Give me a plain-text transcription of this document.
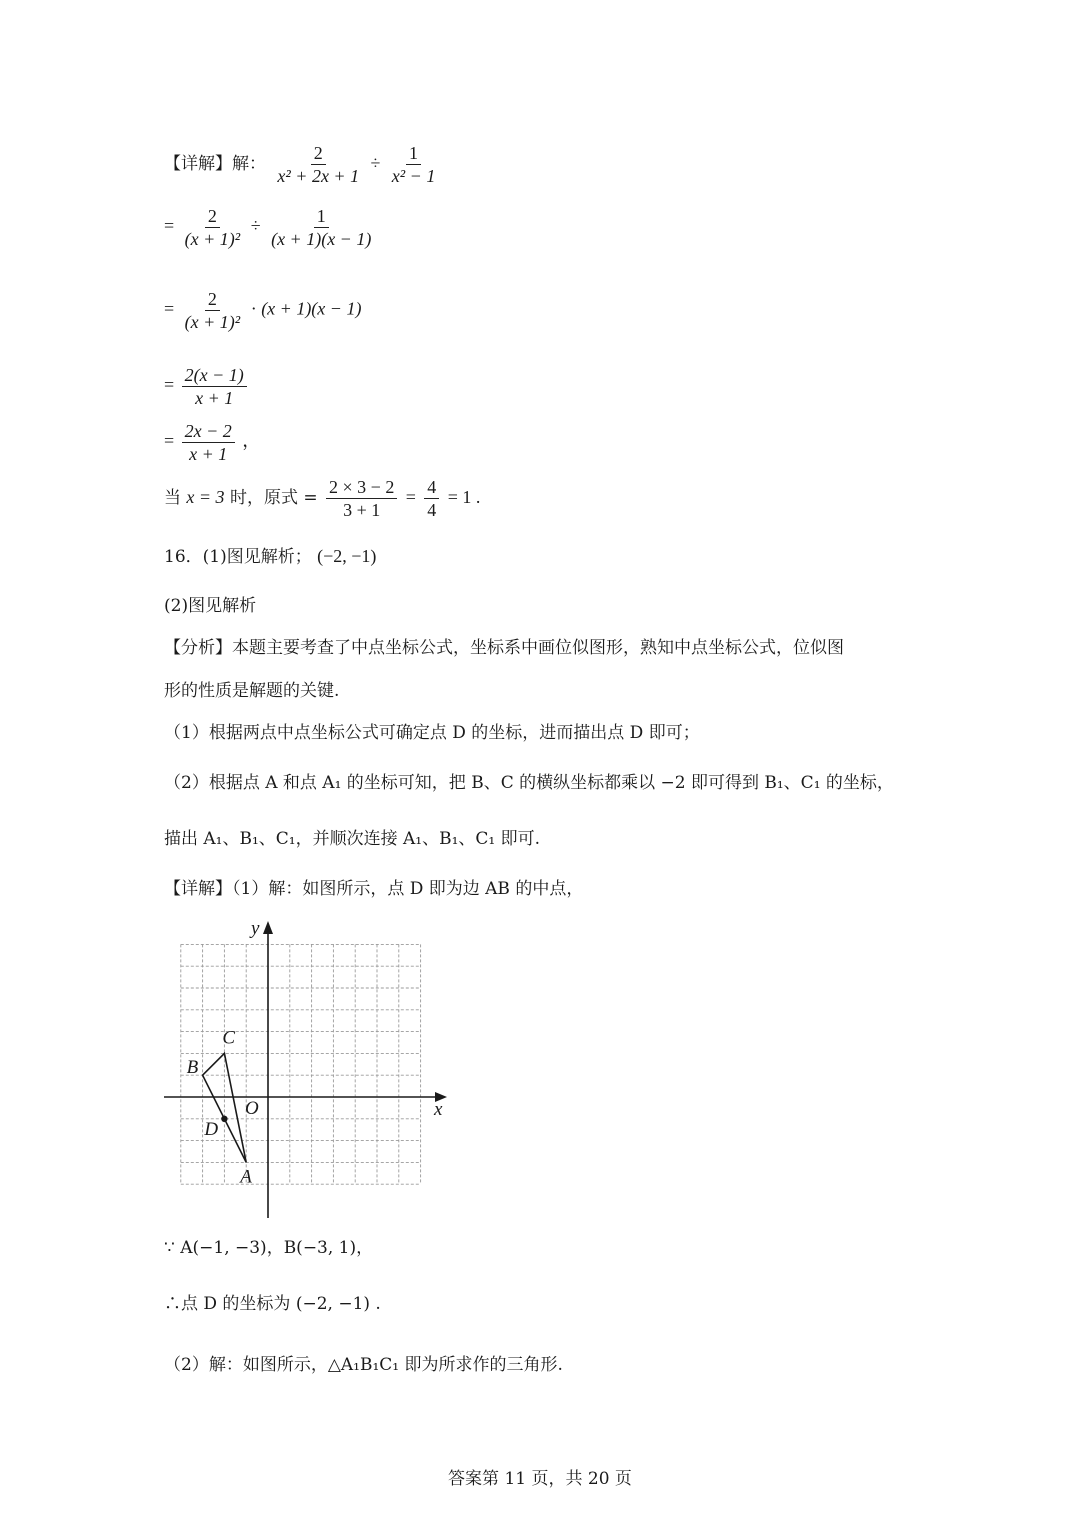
【详解】解： $\frac{2}{\text{x² + 2x + 1}} \div \frac{1}{\text{x² − 1}}$
= $\frac{2}{\text{(x + 1)²}} \div \frac{1}{(x + 1)(x - 1)}$
= $\frac{2}{\text{(x + 1)²}} \cdot (x + 1)(x - 1)$
= $\frac{2(x - 1)}{x + 1}$
= $\frac{2x - 2}{x + 1}$ ，
当 x = 3 时，原式 = $\frac{2 \times 3 - 2}{3 + 1} = \frac{4}{4} = 1$ .
16．(1)图见解析； (−2, −1)
(2)图见解析
【分析】本题主要考查了中点坐标公式，坐标系中画位似图形，熟知中点坐标公式，位似图
形的性质是解题的关键.
（1）根据两点中点坐标公式可确定点 D 的坐标，进而描出点 D 即可；
（2）根据点 A 和点 A₁ 的坐标可知，把 B、C 的横纵坐标都乘以 −2 即可得到 B₁、C₁ 的坐标，
描出 A₁、B₁、C₁，并顺次连接 A₁、B₁、C₁ 即可.
【详解】（1）解：如图所示，点 D 即为边 AB 的中点，
x
y
O
A
B
C
D
∵ A(−1, −3)，B(−3, 1)，
∴点 D 的坐标为 (−2, −1) .
（2）解：如图所示，△A₁B₁C₁ 即为所求作的三角形.
答案第 11 页，共 20 页
